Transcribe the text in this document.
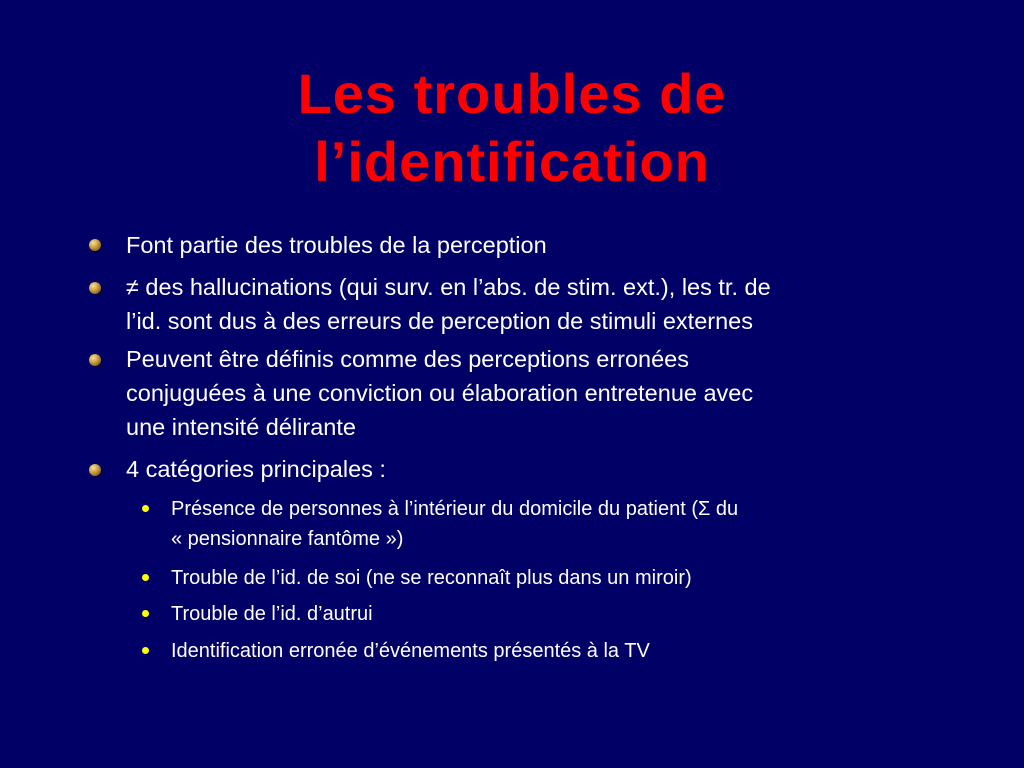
Les troubles de
l’identification
Font partie des troubles de la perception
≠ des hallucinations (qui surv. en l’abs. de stim. ext.), les tr. de
l’id. sont dus à des erreurs de perception de stimuli externes
Peuvent être définis comme des perceptions erronées
conjuguées à une conviction ou élaboration entretenue avec
une intensité délirante
4 catégories principales :
Présence de personnes à l’intérieur du domicile du patient (Σ du
« pensionnaire fantôme »)
Trouble de l’id. de soi (ne se reconnaît plus dans un miroir)
Trouble de l’id. d’autrui
Identification erronée d’événements présentés à la TV
